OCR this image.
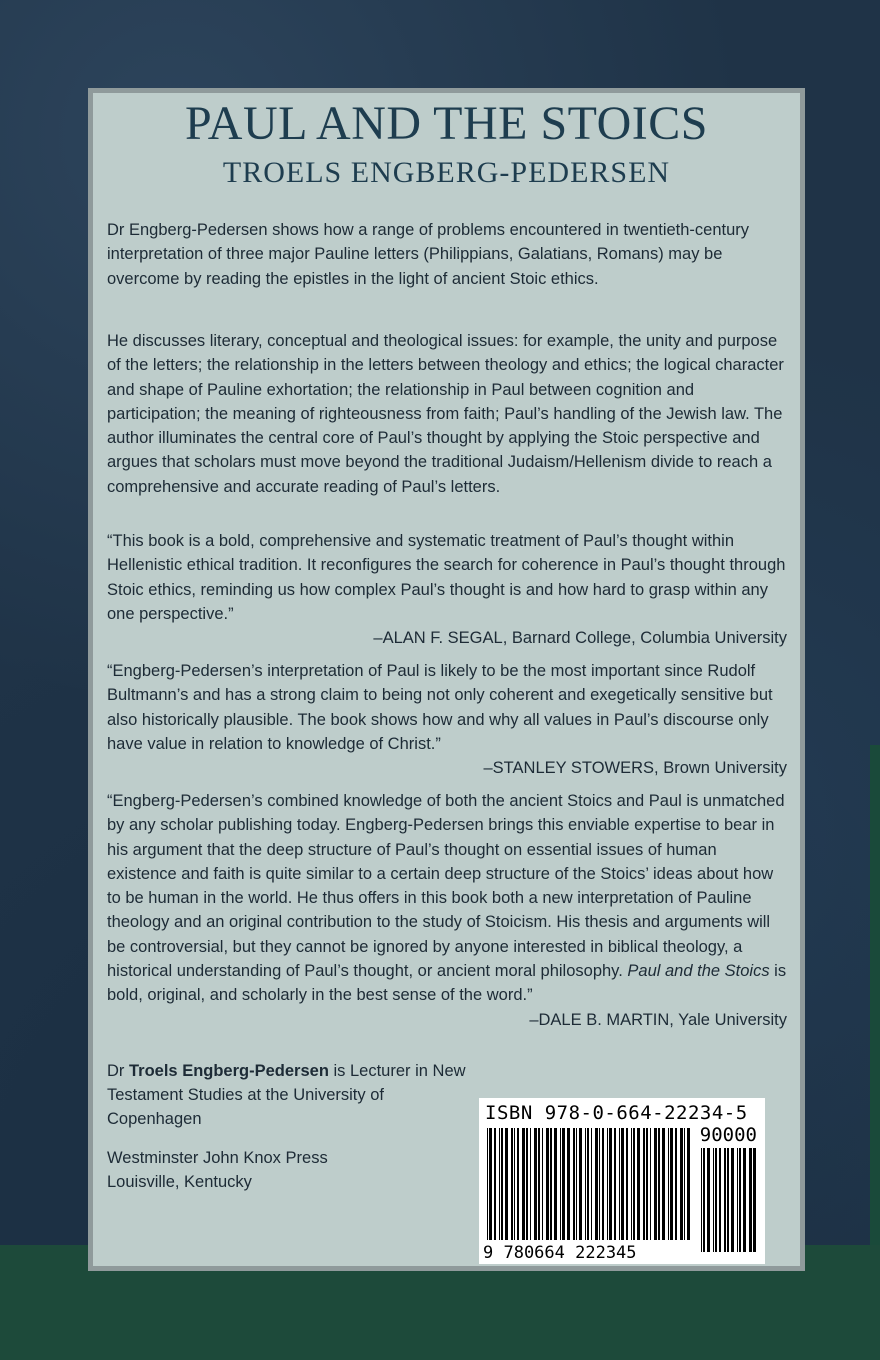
PAUL AND THE STOICS
TROELS ENGBERG-PEDERSEN

Dr Engberg-Pedersen shows how a range of problems encountered in twentieth-century interpretation of three major Pauline letters (Philippians, Galatians, Romans) may be overcome by reading the epistles in the light of ancient Stoic ethics.

He discusses literary, conceptual and theological issues: for example, the unity and purpose of the letters; the relationship in the letters between theology and ethics; the logical character and shape of Pauline exhortation; the relationship in Paul between cognition and participation; the meaning of righteousness from faith; Paul’s handling of the Jewish law. The author illuminates the central core of Paul’s thought by applying the Stoic perspective and argues that scholars must move beyond the traditional Judaism/Hellenism divide to reach a comprehensive and accurate reading of Paul’s letters.

“This book is a bold, comprehensive and systematic treatment of Paul’s thought within Hellenistic ethical tradition. It reconfigures the search for coherence in Paul’s thought through Stoic ethics, reminding us how complex Paul’s thought is and how hard to grasp within any one perspective.”

–ALAN F. SEGAL, Barnard College, Columbia University

“Engberg-Pedersen’s interpretation of Paul is likely to be the most important since Rudolf Bultmann’s and has a strong claim to being not only coherent and exegetically sensitive but also historically plausible. The book shows how and why all values in Paul’s discourse only have value in relation to knowledge of Christ.”

–STANLEY STOWERS, Brown University

“Engberg-Pedersen’s combined knowledge of both the ancient Stoics and Paul is unmatched by any scholar publishing today. Engberg-Pedersen brings this enviable expertise to bear in his argument that the deep structure of Paul’s thought on essential issues of human existence and faith is quite similar to a certain deep structure of the Stoics’ ideas about how to be human in the world. He thus offers in this book both a new interpretation of Pauline theology and an original contribution to the study of Stoicism. His thesis and arguments will be controversial, but they cannot be ignored by anyone interested in biblical theology, a historical understanding of Paul’s thought, or ancient moral philosophy. Paul and the Stoics is bold, original, and scholarly in the best sense of the word.”

–DALE B. MARTIN, Yale University

Dr Troels Engberg-Pedersen is Lecturer in New Testament Studies at the University of Copenhagen
Westminster John Knox Press
Louisville, Kentucky
ISBN 978-0-664-22234-5
90000
9 780664 222345
